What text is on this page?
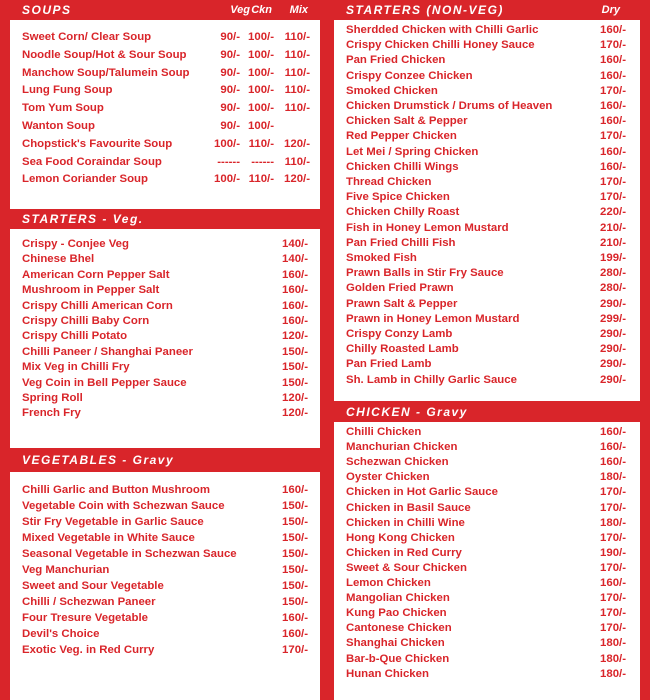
SOUPS	Veg Ckn	Mix
Sweet Corn/ Clear Soup	90/- 100/- 110/-
Noodle Soup/Hot & Sour Soup	90/- 100/- 110/-
Manchow Soup/Talumein Soup	90/- 100/- 110/-
Lung Fung Soup	90/- 100/- 110/-
Tom Yum Soup	90/- 100/- 110/-
Wanton Soup	90/- 100/-
Chopstick's Favourite Soup	100/- 110/- 120/-
Sea Food Coraindar Soup	------ ------ 110/-
Lemon Coriander Soup	100/- 110/- 120/-
STARTERS - Veg.
Crispy - Conjee Veg	140/-
Chinese Bhel	140/-
American Corn Pepper Salt	160/-
Mushroom in Pepper Salt	160/-
Crispy Chilli American Corn	160/-
Crispy Chilli Baby Corn	160/-
Crispy Chilli Potato	120/-
Chilli Paneer / Shanghai Paneer	150/-
Mix Veg in Chilli Fry	150/-
Veg Coin in Bell Pepper Sauce	150/-
Spring Roll	120/-
French Fry	120/-
VEGETABLES - Gravy
Chilli Garlic and Button Mushroom	160/-
Vegetable Coin with Schezwan Sauce	150/-
Stir Fry Vegetable in Garlic Sauce	150/-
Mixed Vegetable in White Sauce	150/-
Seasonal Vegetable in Schezwan Sauce	150/-
Veg Manchurian	150/-
Sweet and Sour Vegetable	150/-
Chilli / Schezwan Paneer	150/-
Four Tresure Vegetable	160/-
Devil's Choice	160/-
Exotic Veg. in Red Curry	170/-
STARTERS (NON-VEG)	Dry
Sherdded Chicken with Chilli Garlic	160/-
Crispy Chicken Chilli Honey Sauce	170/-
Pan Fried Chicken	160/-
Crispy Conzee Chicken	160/-
Smoked Chicken	170/-
Chicken Drumstick / Drums of Heaven	160/-
Chicken Salt & Pepper	160/-
Red Pepper Chicken	170/-
Let Mei / Spring Chicken	160/-
Chicken Chilli Wings	160/-
Thread Chicken	170/-
Five Spice Chicken	170/-
Chicken Chilly Roast	220/-
Fish in Honey Lemon Mustard	210/-
Pan Fried Chilli Fish	210/-
Smoked Fish	199/-
Prawn Balls in Stir Fry Sauce	280/-
Golden Fried Prawn	280/-
Prawn Salt & Pepper	290/-
Prawn in Honey Lemon Mustard	299/-
Crispy Conzy Lamb	290/-
Chilly Roasted Lamb	290/-
Pan Fried Lamb	290/-
Sh. Lamb in Chilly Garlic Sauce	290/-
CHICKEN - Gravy
Chilli Chicken	160/-
Manchurian Chicken	160/-
Schezwan Chicken	160/-
Oyster Chicken	180/-
Chicken in Hot Garlic Sauce	170/-
Chicken in Basil Sauce	170/-
Chicken in Chilli Wine	180/-
Hong Kong Chicken	170/-
Chicken in Red Curry	190/-
Sweet & Sour Chicken	170/-
Lemon Chicken	160/-
Mangolian Chicken	170/-
Kung Pao Chicken	170/-
Cantonese Chicken	170/-
Shanghai Chicken	180/-
Bar-b-Que Chicken	180/-
Hunan Chicken	180/-
